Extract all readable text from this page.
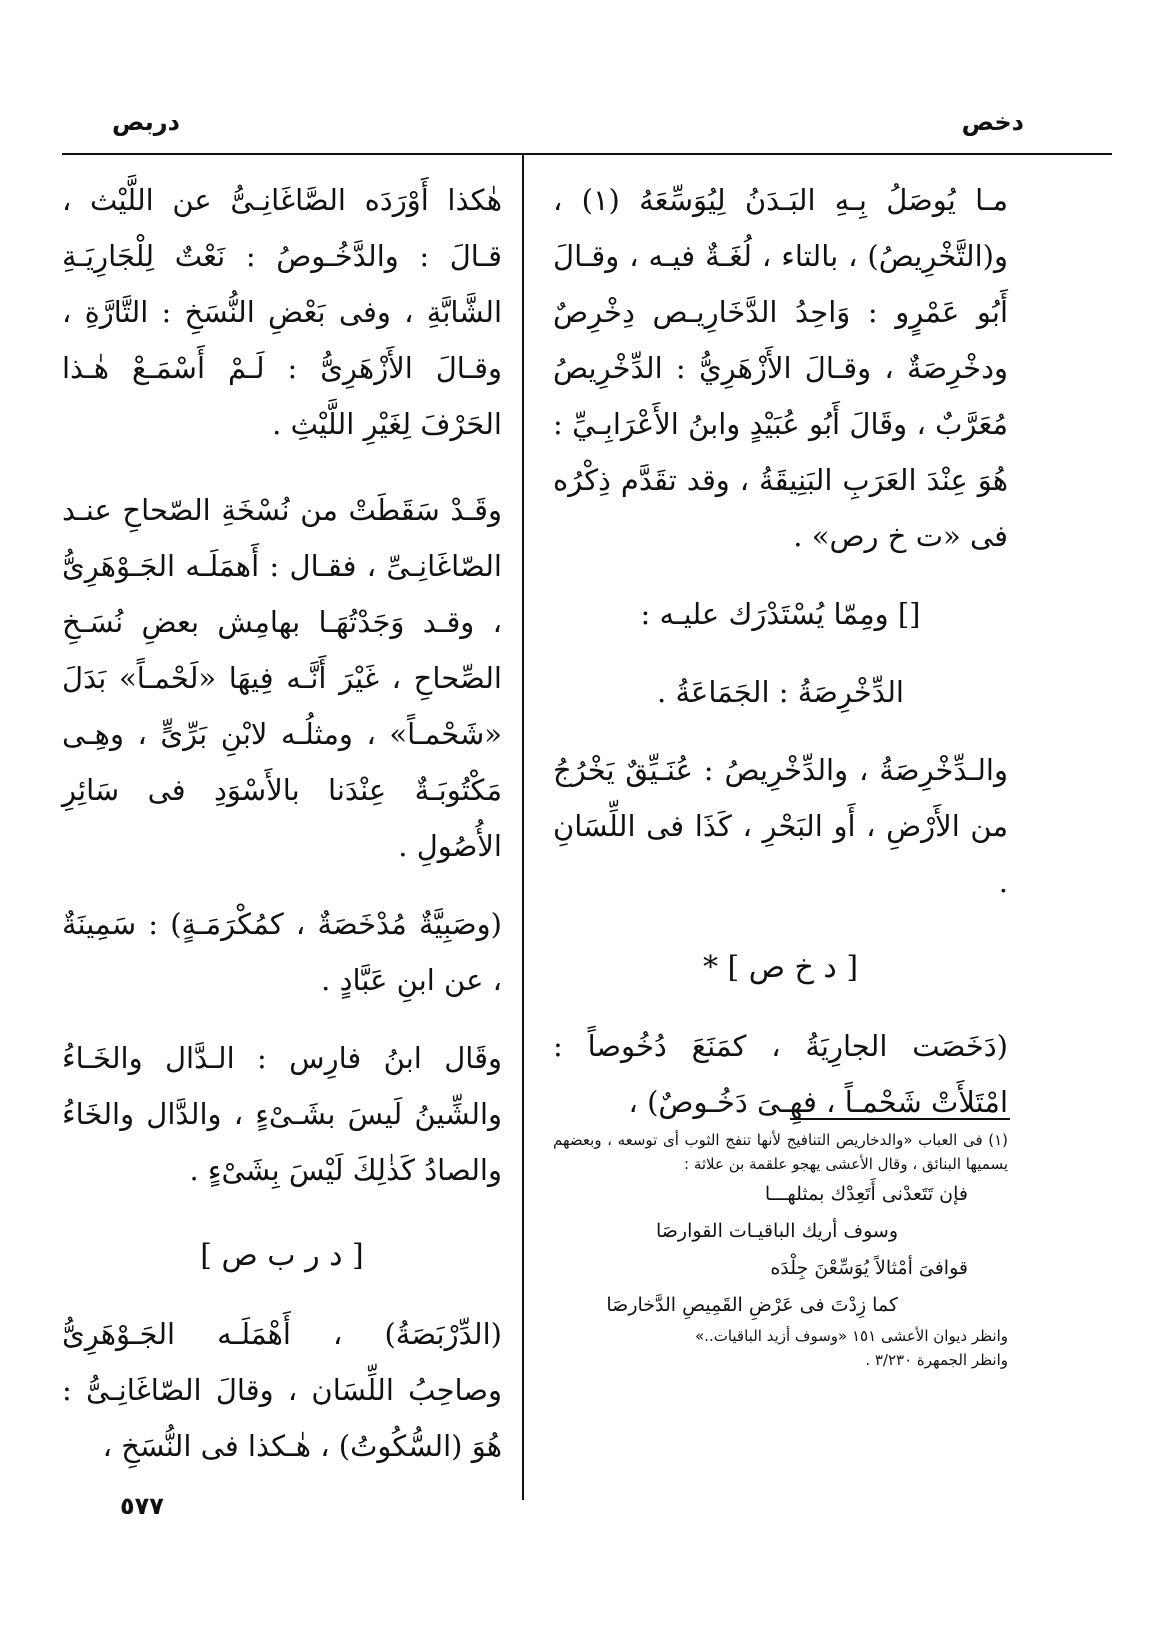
دخص
دربص

مـا يُوصَلُ بِـهِ البَـدَنُ لِيُوَسِّعَهُ (١) ، و(التَّخْرِيصُ) ، بالتاء ، لُغَـةٌ فيـه ، وقـالَ أَبُو عَمْرٍو : وَاحِدُ الدَّخَارِيـص دِخْرِصٌ ودخْرِصَةٌ ، وقـالَ الأَزْهَرِيُّ : الدِّخْرِيصُ مُعَرَّبٌ ، وقَالَ أَبُو عُبَيْدٍ وابنُ الأَعْرَابِـيِّ : هُوَ عِنْدَ العَرَبِ البَنِيقَةُ ، وقد تقَدَّم ذِكْرُه فى «ت خ رص» .

[] ومِمّا يُسْتَدْرَك عليـه :

الدِّخْرِصَةُ : الجَمَاعَةُ .

والـدِّخْرِصَةُ ، والدِّخْرِيصُ : عُنَـيِّقٌ يَخْرُجُ من الأَرْضِ ، أَو البَحْرِ ، كَذَا فى اللِّسَانِ .

[ د خ ص ] *

(دَخَصَت الجارِيَةُ ، كمَنَعَ دُخُوصاً : امْتَلأَتْ شَحْمـاً ، فهِـىَ دَخُـوصٌ) ،

(١) فى العباب «والدخاريص التنافيج لأنها تنفج الثوب أى توسعه ، وبعضهم يسميها البنائق ، وقال الأعشى يهجو علقمة بن علاثة :

فإن تَتَعدْنى أَتَعِدْك بمثلهـــا

وسوف أريك الباقيـات القوارصَا

قوافىَ أمْثالاً يُوَسِّعْنَ جِلْدَه

كما زِدْتَ فى عَرْضِ القَمِيصِ الدَّخارصَا

وانظر ديوان الأعشى ١٥١ «وسوف أزيد الباقيات..»

وانظر الجمهرة ٣/٢٣٠ .

هٰكذا أَوْرَدَه الصَّاغَانِـىُّ عن اللَّيْث ، قـالَ : والدَّخُـوصُ : نَعْتٌ لِلْجَارِيَـةِ الشَّابَّةِ ، وفى بَعْضِ النُّسَخِ : التَّارَّةِ ، وقـالَ الأَزْهَرِىُّ : لَـمْ أَسْمَـعْ هٰـذا الحَرْفَ لِغَيْرِ اللَّيْثِ .

وقَـدْ سَقَطَتْ من نُسْخَةِ الصّحاحِ عنـد الصّاغَانِـىِّ ، فقـال : أَهمَلَـه الجَـوْهَرِىُّ ، وقـد وَجَدْتُهَـا بهامِش بعضِ نُسَـخِ الصِّحاحِ ، غَيْرَ أَنَّـه فِيهَا «لَحْمـاً» بَدَلَ «شَحْمـاً» ، ومثلُـه لابْنِ بَرِّىٍّ ، وهِـى مَكْتُوبَـةٌ عِنْدَنا بالأَسْوَدِ فى سَائِرِ الأُصُولِ .

(وصَبِيَّةٌ مُدْخَصَةٌ ، كمُكْرَمَـةٍ) : سَمِينَةٌ ، عن ابنِ عَبَّادٍ .

وقَال ابنُ فارِس : الـدَّال والخَـاءُ والشِّينُ لَيسَ بشَـىْءٍ ، والدَّال والخَاءُ والصادُ كَذٰلِكَ لَيْسَ بِشَىْءٍ .

[ د ر ب ص ]

(الدِّرْبَصَةُ) ، أَهْمَلَـه الجَـوْهَرِىُّ وصاحِبُ اللِّسَان ، وقالَ الصّاغَانِـىُّ : هُوَ (السُّكُوتُ) ، هٰـكذا فى النُّسَخِ ،

٥٧٧
